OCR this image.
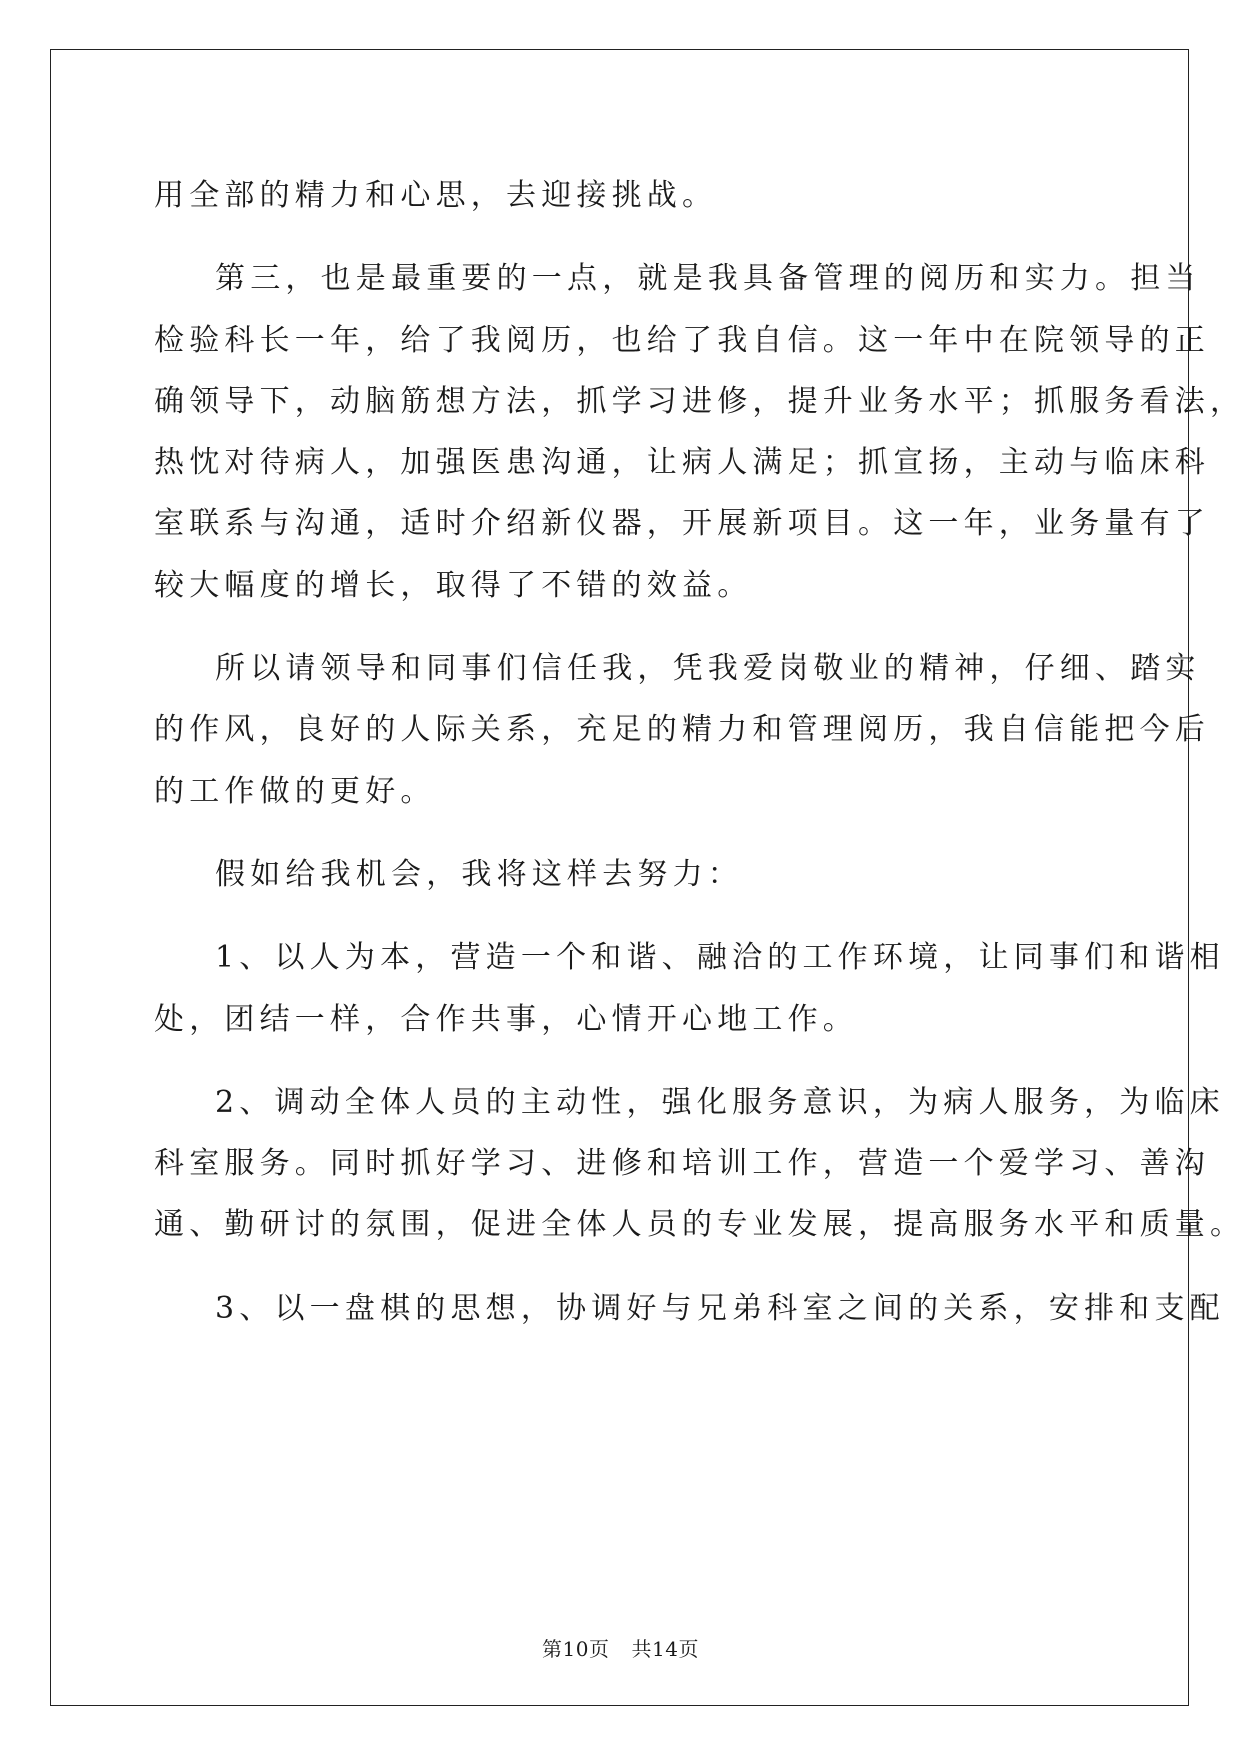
用全部的精力和心思，去迎接挑战。
第三，也是最重要的一点，就是我具备管理的阅历和实力。担当
检验科长一年，给了我阅历，也给了我自信。这一年中在院领导的正
确领导下，动脑筋想方法，抓学习进修，提升业务水平；抓服务看法，
热忱对待病人，加强医患沟通，让病人满足；抓宣扬，主动与临床科
室联系与沟通，适时介绍新仪器，开展新项目。这一年，业务量有了
较大幅度的增长，取得了不错的效益。
所以请领导和同事们信任我，凭我爱岗敬业的精神，仔细、踏实
的作风，良好的人际关系，充足的精力和管理阅历，我自信能把今后
的工作做的更好。
假如给我机会，我将这样去努力：
1、以人为本，营造一个和谐、融洽的工作环境，让同事们和谐相
处，团结一样，合作共事，心情开心地工作。
2、调动全体人员的主动性，强化服务意识，为病人服务，为临床
科室服务。同时抓好学习、进修和培训工作，营造一个爱学习、善沟
通、勤研讨的氛围，促进全体人员的专业发展，提高服务水平和质量。
3、以一盘棋的思想，协调好与兄弟科室之间的关系，安排和支配
第10页 共14页
